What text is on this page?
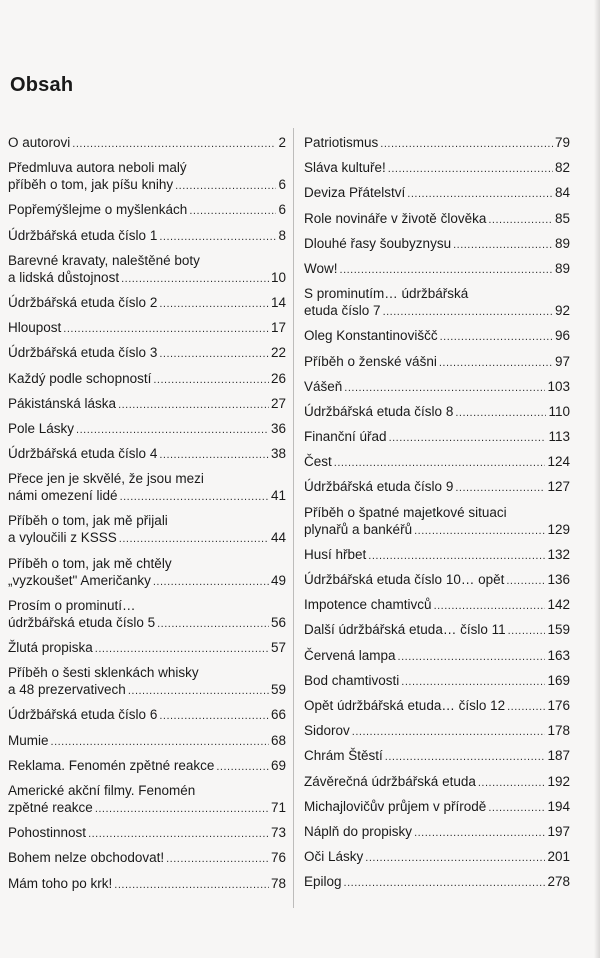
Obsah
O autorovi .....	2
Předmluva autora neboli malý
příběh o tom, jak píšu knihy .....	6
Popřemýšlejme o myšlenkách .....	6
Údržbářská etuda číslo 1 .....	8
Barevné kravaty, naleštěné boty
a lidská důstojnost .....	10
Údržbářská etuda číslo 2 .....	14
Hloupost .....	17
Údržbářská etuda číslo 3 .....	22
Každý podle schopností .....	26
Pákistánská láska .....	27
Pole Lásky .....	36
Údržbářská etuda číslo 4 .....	38
Přece jen je skvělé, že jsou mezi
námi omezení lidé .....	41
Příběh o tom, jak mě přijali
a vyloučili z KSSS .....	44
Příběh o tom, jak mě chtěly
„vyzkoušet" Američanky .....	49
Prosím o prominutí…
údržbářská etuda číslo 5 .....	56
Žlutá propiska .....	57
Příběh o šesti sklenkách whisky
a 48 prezervativech .....	59
Údržbářská etuda číslo 6 .....	66
Mumie .....	68
Reklama. Fenomén zpětné reakce .....	69
Americké akční filmy. Fenomén
zpětné reakce .....	71
Pohostinnost .....	73
Bohem nelze obchodovat! .....	76
Mám toho po krk! .....	78
Patriotismus .....	79
Sláva kultuře! .....	82
Deviza Přátelství .....	84
Role novináře v životě člověka .....	85
Dlouhé řasy šoubyznysu .....	89
Wow! .....	89
S prominutím… údržbářská
etuda číslo 7 .....	92
Oleg Konstantinoviščč .....	96
Příběh o ženské vášni .....	97
Vášeň .....	103
Údržbářská etuda číslo 8 .....	110
Finanční úřad .....	113
Čest .....	124
Údržbářská etuda číslo 9 .....	127
Příběh o špatné majetkové situaci
plynařů a bankéřů .....	129
Husí hřbet .....	132
Údržbářská etuda číslo 10… opět .....	136
Impotence chamtivců .....	142
Další údržbářská etuda… číslo 11 .....	159
Červená lampa .....	163
Bod chamtivosti .....	169
Opět údržbářská etuda… číslo 12 .....	176
Sidorov .....	178
Chrám Štěstí .....	187
Závěrečná údržbářská etuda .....	192
Michajlovičův průjem v přírodě .....	194
Náplň do propisky .....	197
Oči Lásky .....	201
Epilog .....	278
